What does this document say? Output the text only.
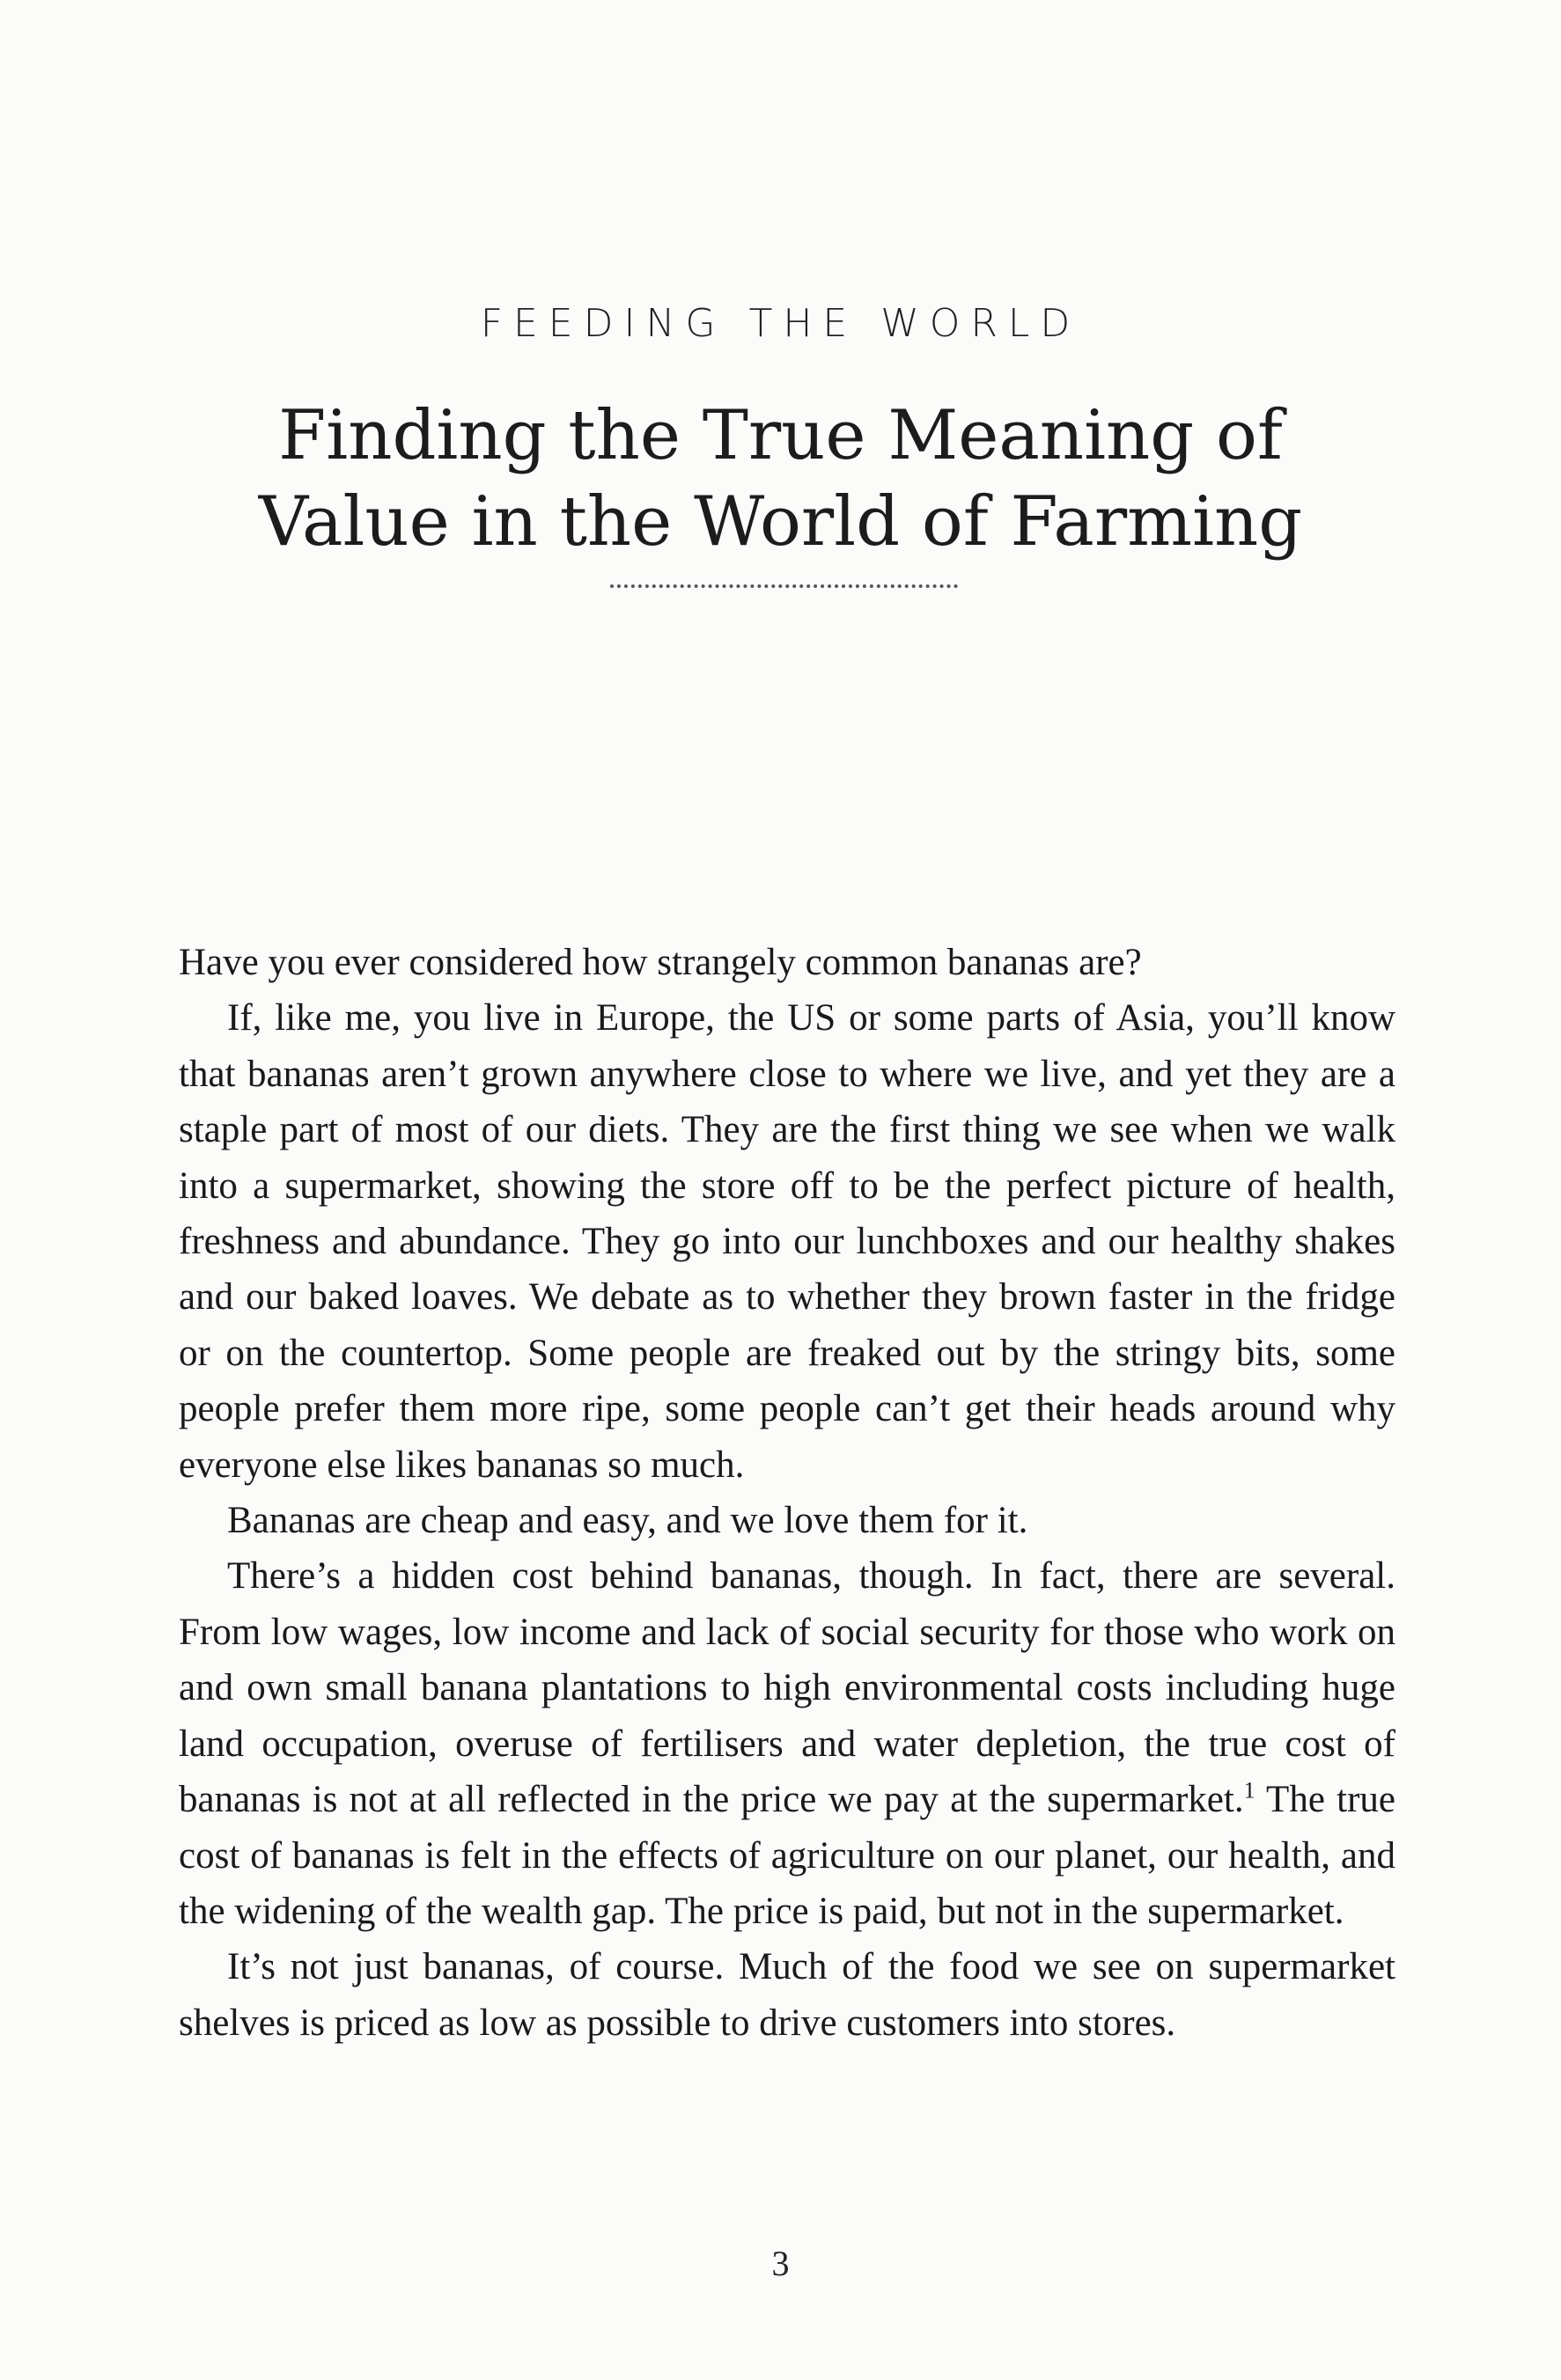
FEEDING THE WORLD
Finding the True Meaning of
Value in the World of Farming

Have you ever considered how strangely common bananas are?

If, like me, you live in Europe, the US or some parts of Asia, you’ll know that bananas aren’t grown anywhere close to where we live, and yet they are a staple part of most of our diets. They are the first thing we see when we walk into a supermarket, showing the store off to be the perfect picture of health, freshness and abundance. They go into our lunchboxes and our healthy shakes and our baked loaves. We debate as to whether they brown faster in the fridge or on the countertop. Some people are freaked out by the stringy bits, some people prefer them more ripe, some people can’t get their heads around why everyone else likes bananas so much.

Bananas are cheap and easy, and we love them for it.

There’s a hidden cost behind bananas, though. In fact, there are several. From low wages, low income and lack of social security for those who work on and own small banana plantations to high environmental costs including huge land occupation, overuse of fertilisers and water depletion, the true cost of bananas is not at all reflected in the price we pay at the supermarket.$^1$ The true cost of bananas is felt in the effects of agriculture on our planet, our health, and the widening of the wealth gap. The price is paid, but not in the supermarket.

It’s not just bananas, of course. Much of the food we see on supermarket shelves is priced as low as possible to drive customers into stores.

3
